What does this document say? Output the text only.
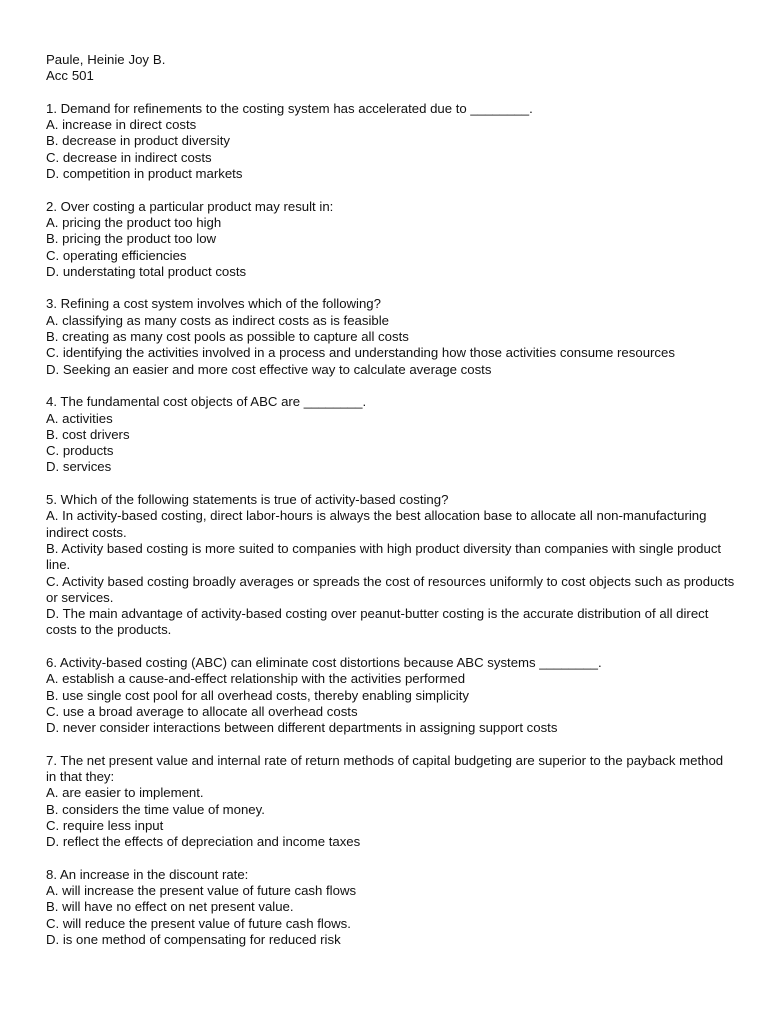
Paule, Heinie Joy B.
Acc 501
1. Demand for refinements to the costing system has accelerated due to ________.
A. increase in direct costs
B. decrease in product diversity
C. decrease in indirect costs
D. competition in product markets
2. Over costing a particular product may result in:
A. pricing the product too high
B. pricing the product too low
C. operating efficiencies
D. understating total product costs
3. Refining a cost system involves which of the following?
A. classifying as many costs as indirect costs as is feasible
B. creating as many cost pools as possible to capture all costs
C. identifying the activities involved in a process and understanding how those activities consume resources
D. Seeking an easier and more cost effective way to calculate average costs
4. The fundamental cost objects of ABC are ________.
A. activities
B. cost drivers
C. products
D. services
5. Which of the following statements is true of activity-based costing?
A. In activity-based costing, direct labor-hours is always the best allocation base to allocate all non-manufacturing indirect costs.
B. Activity based costing is more suited to companies with high product diversity than companies with single product line.
C. Activity based costing broadly averages or spreads the cost of resources uniformly to cost objects such as products or services.
D. The main advantage of activity-based costing over peanut-butter costing is the accurate distribution of all direct costs to the products.
6. Activity-based costing (ABC) can eliminate cost distortions because ABC systems ________.
A. establish a cause-and-effect relationship with the activities performed
B. use single cost pool for all overhead costs, thereby enabling simplicity
C. use a broad average to allocate all overhead costs
D. never consider interactions between different departments in assigning support costs
7. The net present value and internal rate of return methods of capital budgeting are superior to the payback method in that they:
A. are easier to implement.
B. considers the time value of money.
C. require less input
D. reflect the effects of depreciation and income taxes
8. An increase in the discount rate:
A. will increase the present value of future cash flows
B. will have no effect on net present value.
C. will reduce the present value of future cash flows.
D. is one method of compensating for reduced risk
